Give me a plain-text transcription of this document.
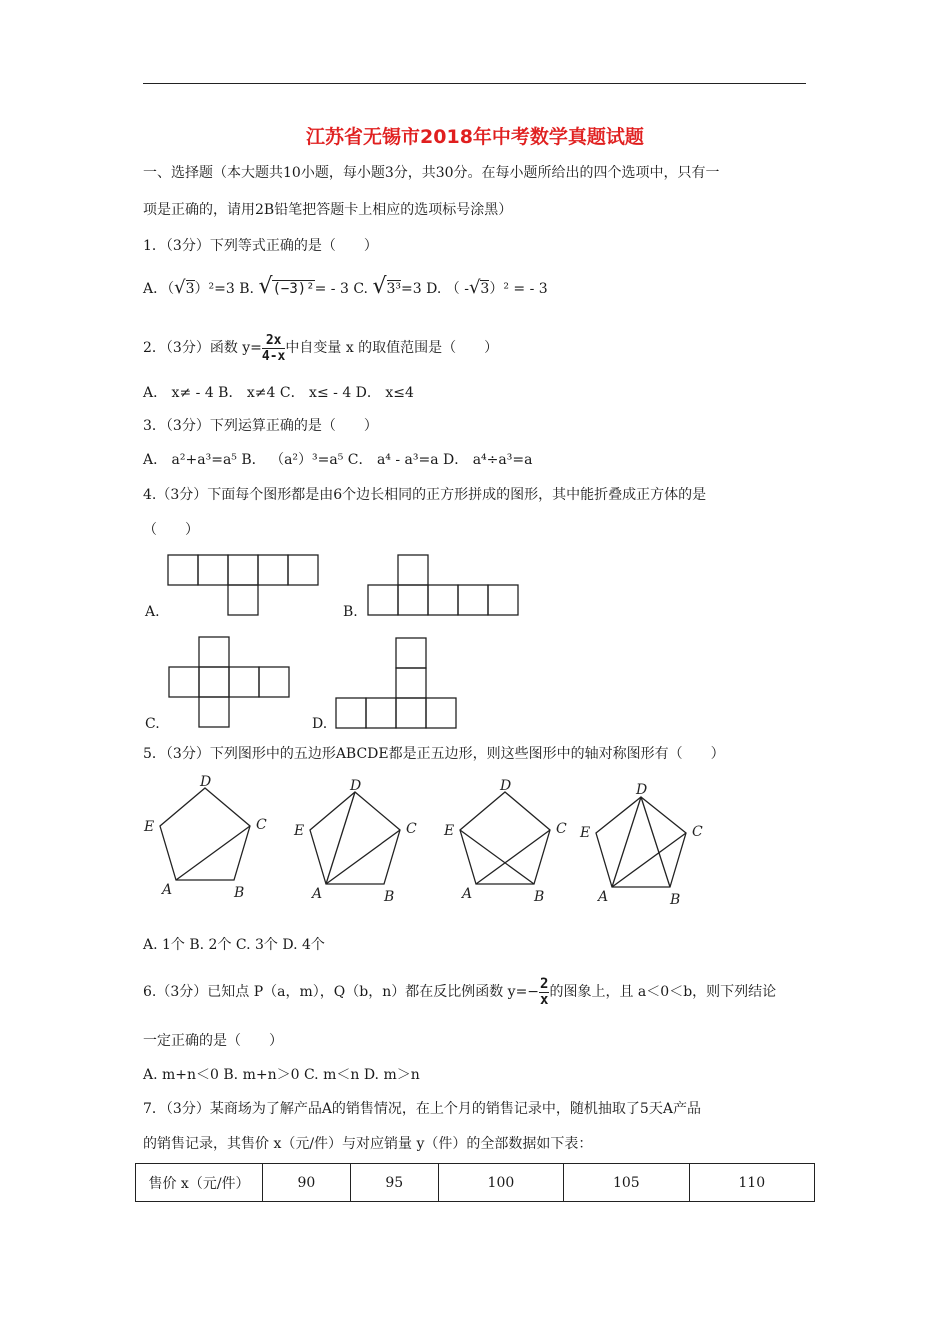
江苏省无锡市2018年中考数学真题试题
一、选择题（本大题共10小题，每小题3分，共30分。在每小题所给出的四个选项中，只有一
项是正确的，请用2B铅笔把答题卡上相应的选项标号涂黑）
1．（3分）下列等式正确的是（　　）
A．（√3）²=3 B. √(−3)²= - 3 C. √3³=3 D. （ -√3）² = - 3
2．（3分）函数 $y= \frac{2x}{4-x}$ 中自变量 x 的取值范围是（　　）
A． x≠ - 4 B． x≠4 C． x≤ - 4 D． x≤4
3．（3分）下列运算正确的是（　　）
A． a²+a³=a⁵ B． （a²）³=a⁵ C． a⁴ - a³=a D． a⁴÷a³=a
4.（3分）下面每个图形都是由6个边长相同的正方形拼成的图形，其中能折叠成正方体的是
（　　）
D
C
E
A	B
D
C
E
A	B
D
C
E
A	B
D
C
E
A	B
A.	B.
C.	D.
5．（3分）下列图形中的五边形ABCDE都是正五边形，则这些图形中的轴对称图形有（　　）
A. 1个 B. 2个 C. 3个 D. 4个
6.（3分）已知点 P（a，m），Q（b，n）都在反比例函数 $y=- \frac{2}{x}$ 的图象上，且 a＜0＜b，则下列结论
一定正确的是（　　）
A. m+n＜0 B. m+n＞0 C. m＜n D. m＞n
7．（3分）某商场为了解产品A的销售情况，在上个月的销售记录中，随机抽取了5天A产品
的销售记录，其售价 x（元/件）与对应销量 y（件）的全部数据如下表：
售价 x（元/件）	90	95	100	105	110
